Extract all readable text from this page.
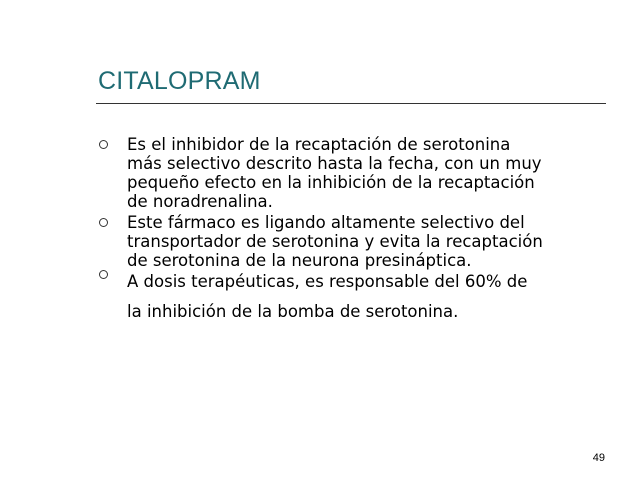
CITALOPRAM
Es el inhibidor de la recaptación de serotonina
más selectivo descrito hasta la fecha, con un muy
pequeño efecto en la inhibición de la recaptación
de noradrenalina.
Este fármaco es ligando altamente selectivo del
transportador de serotonina y evita la recaptación
de serotonina de la neurona presináptica.
A dosis terapéuticas, es responsable del 60% de
la inhibición de la bomba de serotonina.
49
